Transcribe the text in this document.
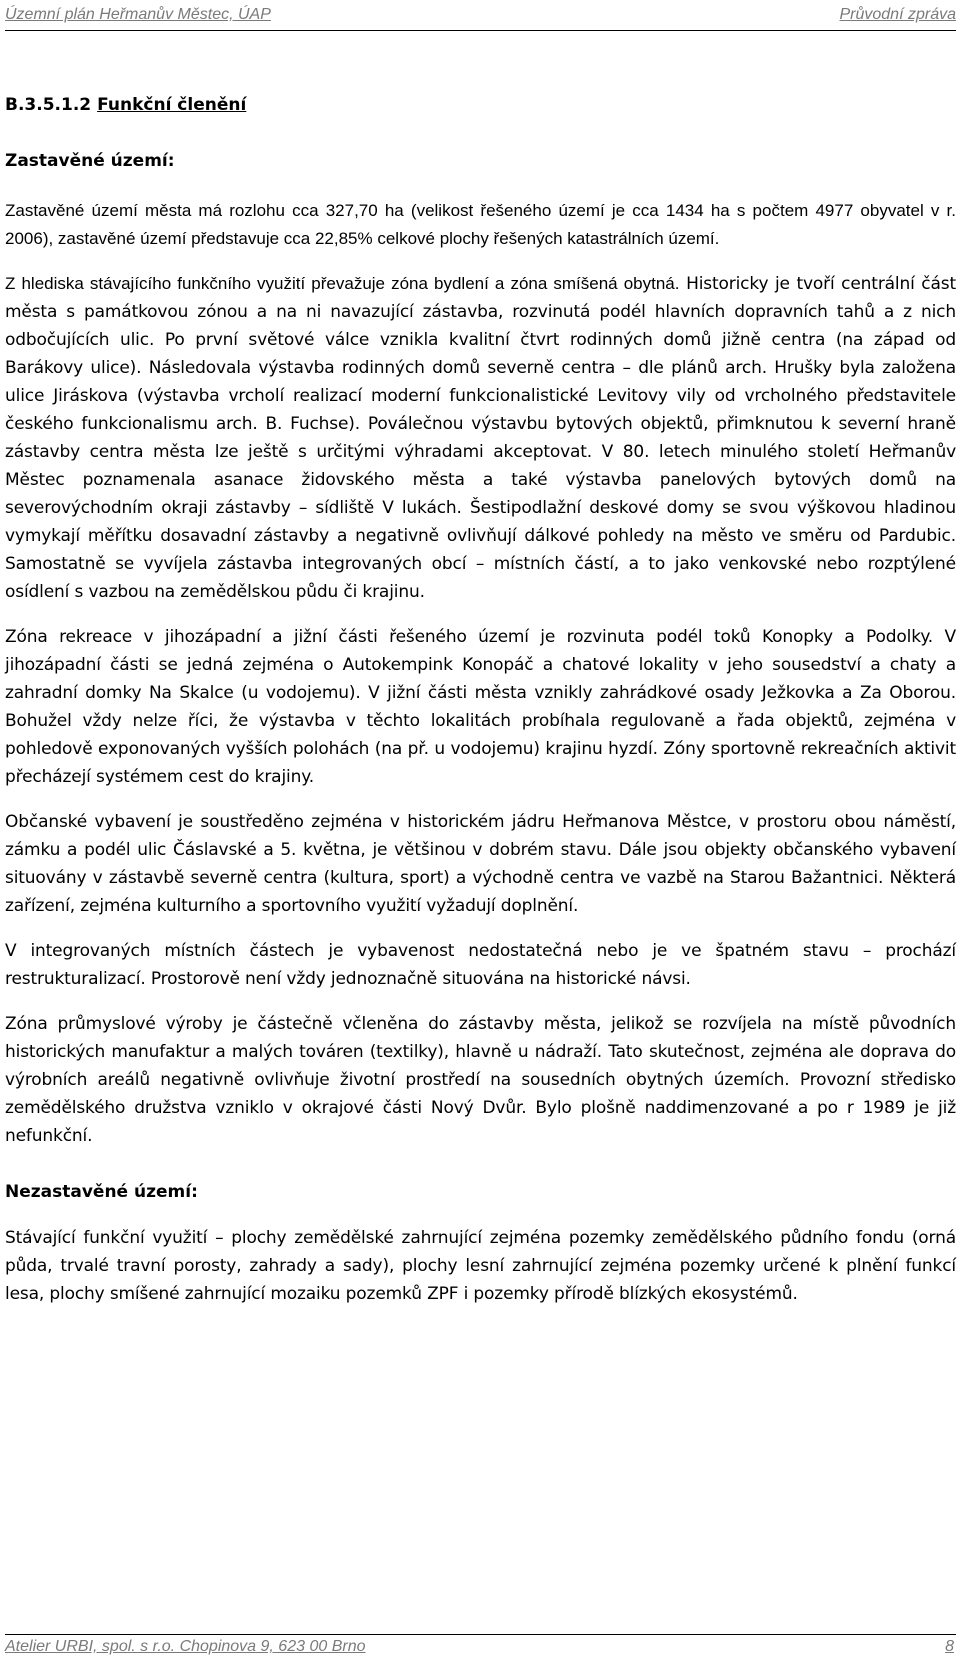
Územní plán Heřmanův Městec, ÚAP	Průvodní zpráva
B.3.5.1.2 Funkční členění
Zastavěné území:

Zastavěné území města má rozlohu cca 327,70 ha (velikost řešeného území je cca 1434 ha s počtem 4977 obyvatel v r. 2006), zastavěné území představuje cca 22,85% celkové plochy řešených katastrálních území.

Z hlediska stávajícího funkčního využití převažuje zóna bydlení a zóna smíšená obytná. Historicky je tvoří centrální část města s památkovou zónou a na ni navazující zástavba, rozvinutá podél hlavních dopravních tahů a z nich odbočujících ulic. Po první světové válce vznikla kvalitní čtvrt rodinných domů jižně centra (na západ od Barákovy ulice). Následovala výstavba rodinných domů severně centra – dle plánů arch. Hrušky byla založena ulice Jiráskova (výstavba vrcholí realizací moderní funkcionalistické Levitovy vily od vrcholného představitele českého funkcionalismu arch. B. Fuchse). Poválečnou výstavbu bytových objektů, přimknutou k severní hraně zástavby centra města lze ještě s určitými výhradami akceptovat. V 80. letech minulého století Heřmanův Městec poznamenala asanace židovského města a také výstavba panelových bytových domů na severovýchodním okraji zástavby – sídliště V lukách. Šestipodlažní deskové domy se svou výškovou hladinou vymykají měřítku dosavadní zástavby a negativně ovlivňují dálkové pohledy na město ve směru od Pardubic. Samostatně se vyvíjela zástavba integrovaných obcí – místních částí, a to jako venkovské nebo rozptýlené osídlení s vazbou na zemědělskou půdu či krajinu.

Zóna rekreace v jihozápadní a jižní části řešeného území je rozvinuta podél toků Konopky a Podolky. V jihozápadní části se jedná zejména o Autokempink Konopáč a chatové lokality v jeho sousedství a chaty a zahradní domky Na Skalce (u vodojemu). V jižní části města vznikly zahrádkové osady Ježkovka a Za Oborou. Bohužel vždy nelze říci, že výstavba v těchto lokalitách probíhala regulovaně a řada objektů, zejména v pohledově exponovaných vyšších polohách (na př. u vodojemu) krajinu hyzdí. Zóny sportovně rekreačních aktivit přecházejí systémem cest do krajiny.

Občanské vybavení je soustředěno zejména v historickém jádru Heřmanova Městce, v prostoru obou náměstí, zámku a podél ulic Čáslavské a 5. května, je většinou v dobrém stavu. Dále jsou objekty občanského vybavení situovány v zástavbě severně centra (kultura, sport) a východně centra ve vazbě na Starou Bažantnici. Některá zařízení, zejména kulturního a sportovního využití vyžadují doplnění.

V integrovaných místních částech je vybavenost nedostatečná nebo je ve špatném stavu – prochází restrukturalizací. Prostorově není vždy jednoznačně situována na historické návsi.

Zóna průmyslové výroby je částečně včleněna do zástavby města, jelikož se rozvíjela na místě původních historických manufaktur a malých továren (textilky), hlavně u nádraží. Tato skutečnost, zejména ale doprava do výrobních areálů negativně ovlivňuje životní prostředí na sousedních obytných územích. Provozní středisko zemědělského družstva vzniklo v okrajové části Nový Dvůr. Bylo plošně naddimenzované a po r 1989 je již nefunkční.

Nezastavěné území:

Stávající funkční využití – plochy zemědělské zahrnující zejména pozemky zemědělského půdního fondu (orná půda, trvalé travní porosty, zahrady a sady), plochy lesní zahrnující zejména pozemky určené k plnění funkcí lesa, plochy smíšené zahrnující mozaiku pozemků ZPF i pozemky přírodě blízkých ekosystémů.

Atelier URBI, spol. s r.o. Chopinova 9, 623 00 Brno	8
